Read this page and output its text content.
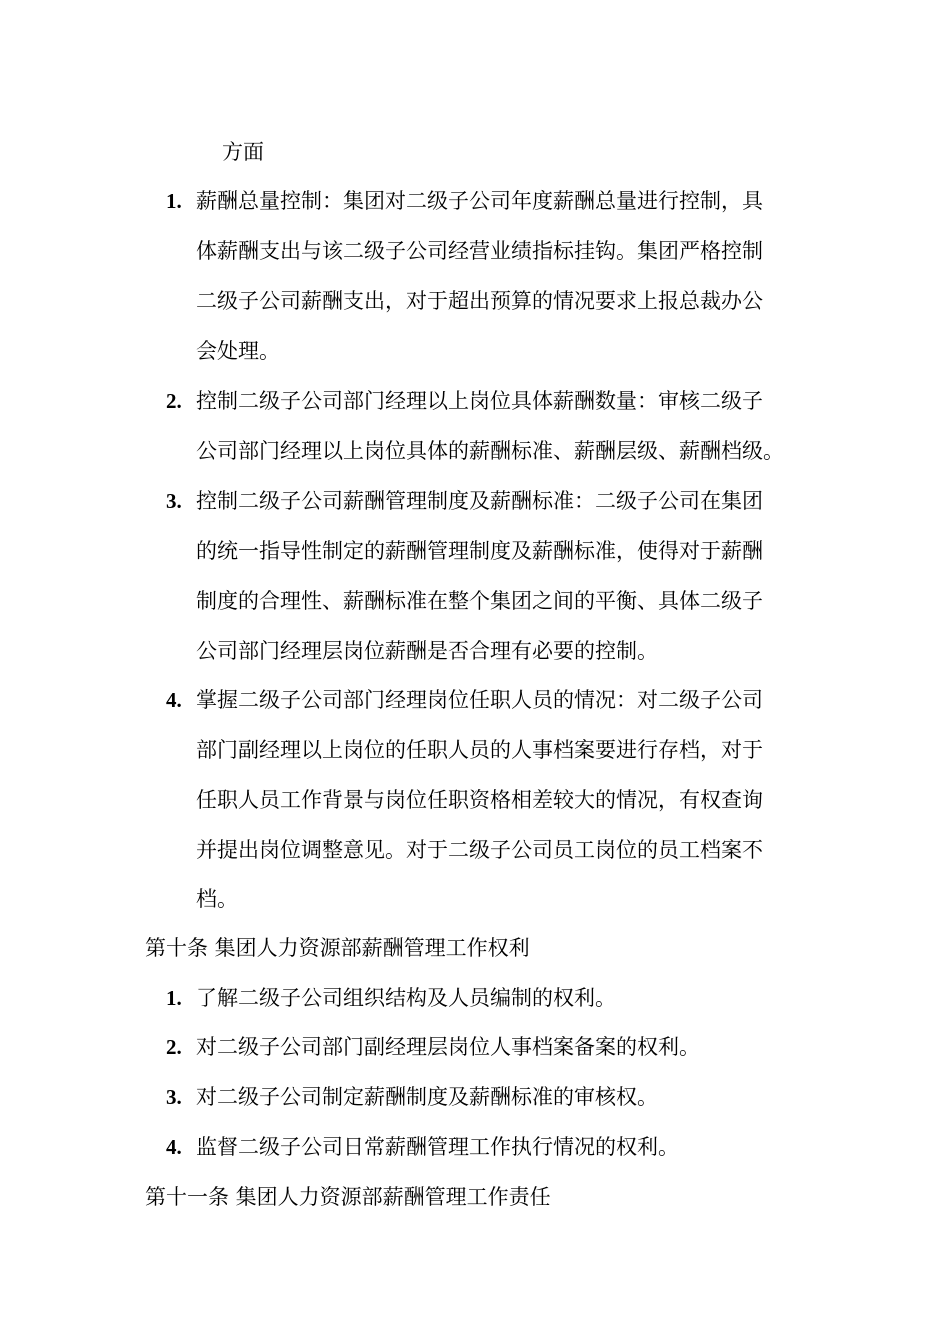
方面
1. 薪酬总量控制：集团对二级子公司年度薪酬总量进行控制，具
体薪酬支出与该二级子公司经营业绩指标挂钩。集团严格控制
二级子公司薪酬支出，对于超出预算的情况要求上报总裁办公
会处理。
2. 控制二级子公司部门经理以上岗位具体薪酬数量：审核二级子
公司部门经理以上岗位具体的薪酬标准、薪酬层级、薪酬档级。
3. 控制二级子公司薪酬管理制度及薪酬标准：二级子公司在集团
的统一指导性制定的薪酬管理制度及薪酬标准，使得对于薪酬
制度的合理性、薪酬标准在整个集团之间的平衡、具体二级子
公司部门经理层岗位薪酬是否合理有必要的控制。
4. 掌握二级子公司部门经理岗位任职人员的情况：对二级子公司
部门副经理以上岗位的任职人员的人事档案要进行存档，对于
任职人员工作背景与岗位任职资格相差较大的情况，有权查询
并提出岗位调整意见。对于二级子公司员工岗位的员工档案不
档。
第十条 集团人力资源部薪酬管理工作权利
1. 了解二级子公司组织结构及人员编制的权利。
2. 对二级子公司部门副经理层岗位人事档案备案的权利。
3. 对二级子公司制定薪酬制度及薪酬标准的审核权。
4. 监督二级子公司日常薪酬管理工作执行情况的权利。
第十一条 集团人力资源部薪酬管理工作责任
